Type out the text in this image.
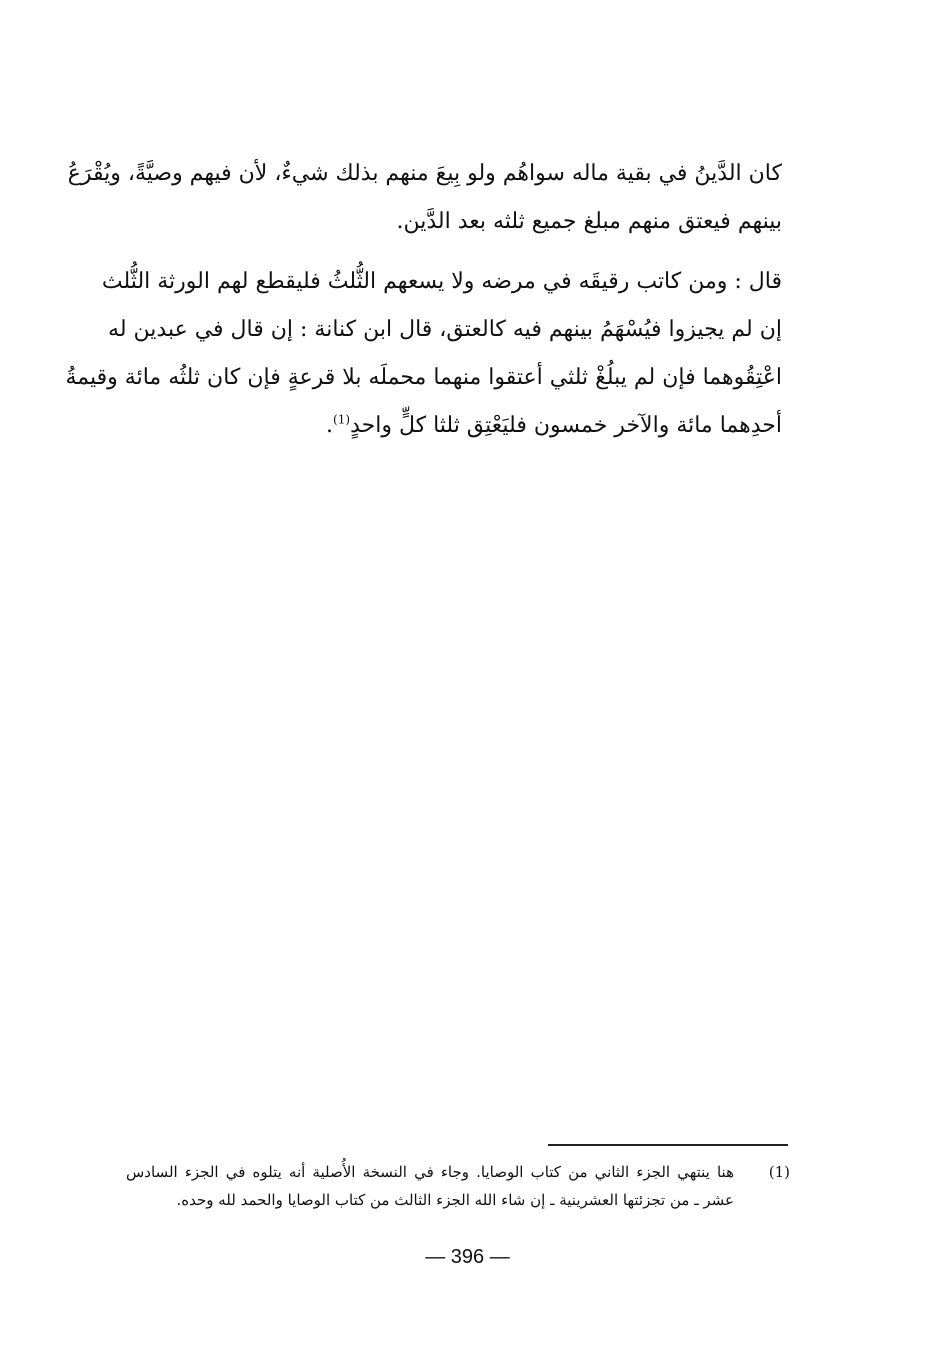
كان الدَّينُ في بقية ماله سواهُم ولو بِيعَ منهم بذلك شيءٌ، لأن فيهم وصيَّةً، ويُقْرَعُ
بينهم فيعتق منهم مبلغ جميع ثلثه بعد الدَّين.

قال : ومن كاتب رقيقَه في مرضه ولا يسعهم الثُّلثُ فليقطع لهم الورثة الثُّلث
إن لم يجيزوا فيُسْهَمُ بينهم فيه كالعتق، قال ابن كنانة : إن قال في عبدين له
اعْتِقُوهما فإن لم يبلُغْ ثلثي أعتقوا منهما محملَه بلا قرعةٍ فإن كان ثلثُه مائة وقيمةُ
أحدِهما مائة والآخر خمسون فليَعْتِق ثلثا كلٍّ واحدٍ$^{(1)}$.

(1)
هنا ينتهي الجزء الثاني من كتاب الوصايا. وجاء في النسخة الأُصلية أنه يتلوه في الجزء السادس
عشر ـ من تجزئتها العشرينية ـ إن شاء الله الجزء الثالث من كتاب الوصايا والحمد لله وحده.
— 396 —
